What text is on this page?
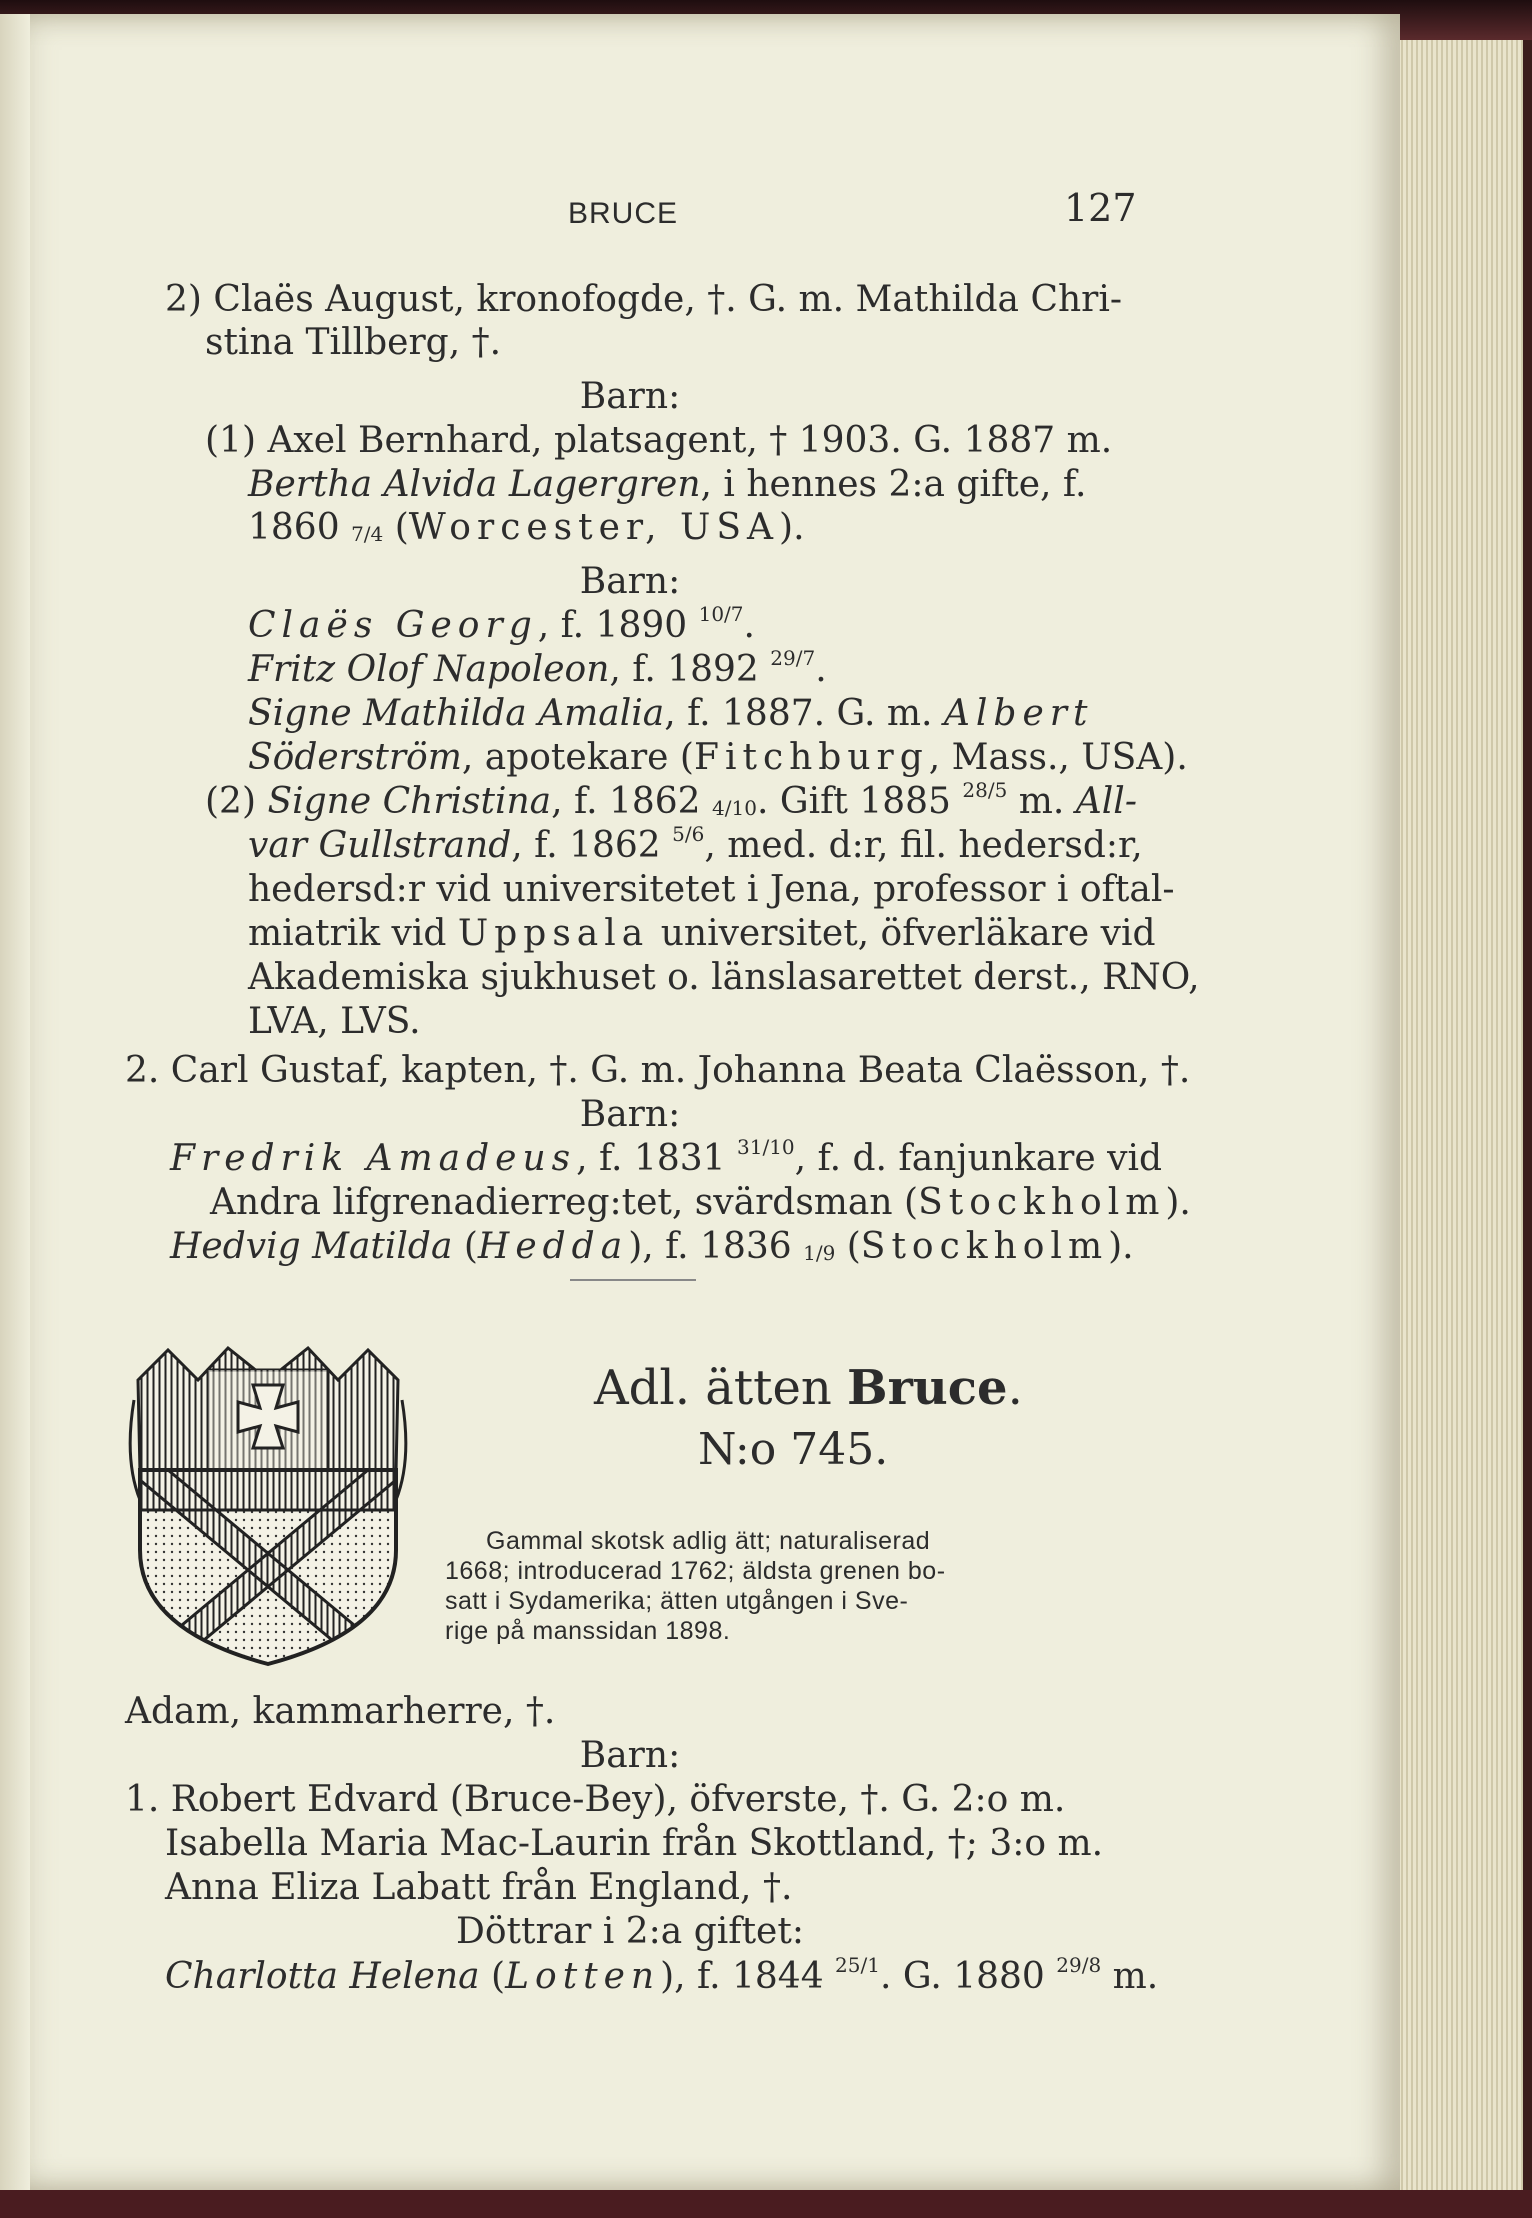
BRUCE	127
2) Claës August, kronofogde, †. G. m. Mathilda Chri-
stina Tillberg, †.
Barn:
(1) Axel Bernhard, platsagent, † 1903. G. 1887 m.
Bertha Alvida Lagergren, i hennes 2:a gifte, f.
1860 $_{7/4}$ (Worcester, USA).
Barn:
Claës Georg, f. 1890 $^{10/7}$.
Fritz Olof Napoleon, f. 1892 $^{29/7}$.
Signe Mathilda Amalia, f. 1887. G. m. Albert
Söderström, apotekare (Fitchburg, Mass., USA).
(2) Signe Christina, f. 1862 $_{4/10}$. Gift 1885 $^{28/5}$ m. All-
var Gullstrand, f. 1862 $^{5/6}$, med. d:r, fil. hedersd:r,
hedersd:r vid universitetet i Jena, professor i oftal-
miatrik vid Uppsala universitet, öfverläkare vid
Akademiska sjukhuset o. länslasarettet derst., RNO,
LVA, LVS.
2. Carl Gustaf, kapten, †. G. m. Johanna Beata Claësson, †.
Barn:
Fredrik Amadeus, f. 1831 $^{31/10}$, f. d. fanjunkare vid
Andra lifgrenadierreg:tet, svärdsman (Stockholm).
Hedvig Matilda (Hedda), f. 1836 $_{1/9}$ (Stockholm).
Adl. ätten Bruce.
N:o 745.
Gammal skotsk adlig ätt; naturaliserad
1668; introducerad 1762; äldsta grenen bo-
satt i Sydamerika; ätten utgången i Sve-
rige på manssidan 1898.
Adam, kammarherre, †.
Barn:
1. Robert Edvard (Bruce-Bey), öfverste, †. G. 2:o m.
Isabella Maria Mac-Laurin från Skottland, †; 3:o m.
Anna Eliza Labatt från England, †.
Döttrar i 2:a giftet:
Charlotta Helena (Lotten), f. 1844 $^{25/1}$. G. 1880 $^{29/8}$ m.
